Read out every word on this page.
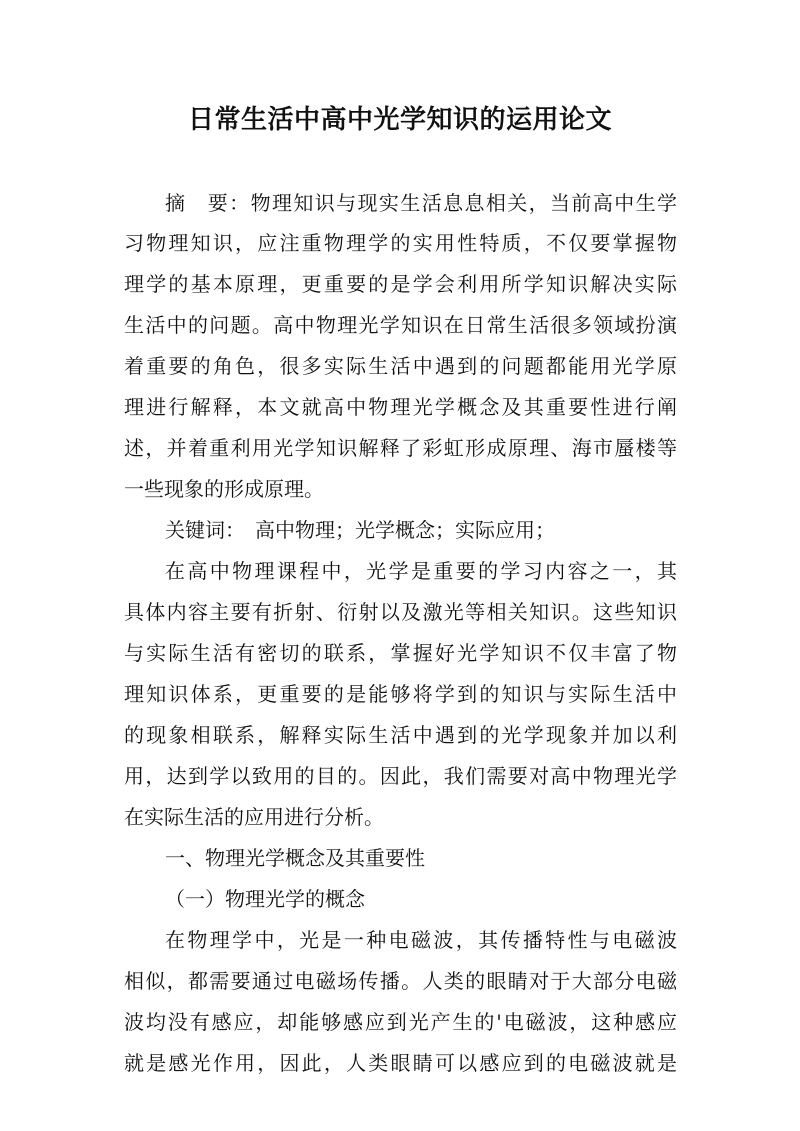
日常生活中高中光学知识的运用论文
摘　要：物理知识与现实生活息息相关，当前高中生学
习物理知识，应注重物理学的实用性特质，不仅要掌握物
理学的基本原理，更重要的是学会利用所学知识解决实际
生活中的问题。高中物理光学知识在日常生活很多领域扮演
着重要的角色，很多实际生活中遇到的问题都能用光学原
理进行解释，本文就高中物理光学概念及其重要性进行阐
述，并着重利用光学知识解释了彩虹形成原理、海市蜃楼等
一些现象的形成原理。
关键词：　高中物理；光学概念；实际应用；
在高中物理课程中，光学是重要的学习内容之一，其
具体内容主要有折射、衍射以及激光等相关知识。这些知识
与实际生活有密切的联系，掌握好光学知识不仅丰富了物
理知识体系，更重要的是能够将学到的知识与实际生活中
的现象相联系，解释实际生活中遇到的光学现象并加以利
用，达到学以致用的目的。因此，我们需要对高中物理光学
在实际生活的应用进行分析。
一、物理光学概念及其重要性
（一）物理光学的概念
在物理学中，光是一种电磁波，其传播特性与电磁波
相似，都需要通过电磁场传播。人类的眼睛对于大部分电磁
波均没有感应，却能够感应到光产生的'电磁波，这种感应
就是感光作用，因此，人类眼睛可以感应到的电磁波就是
